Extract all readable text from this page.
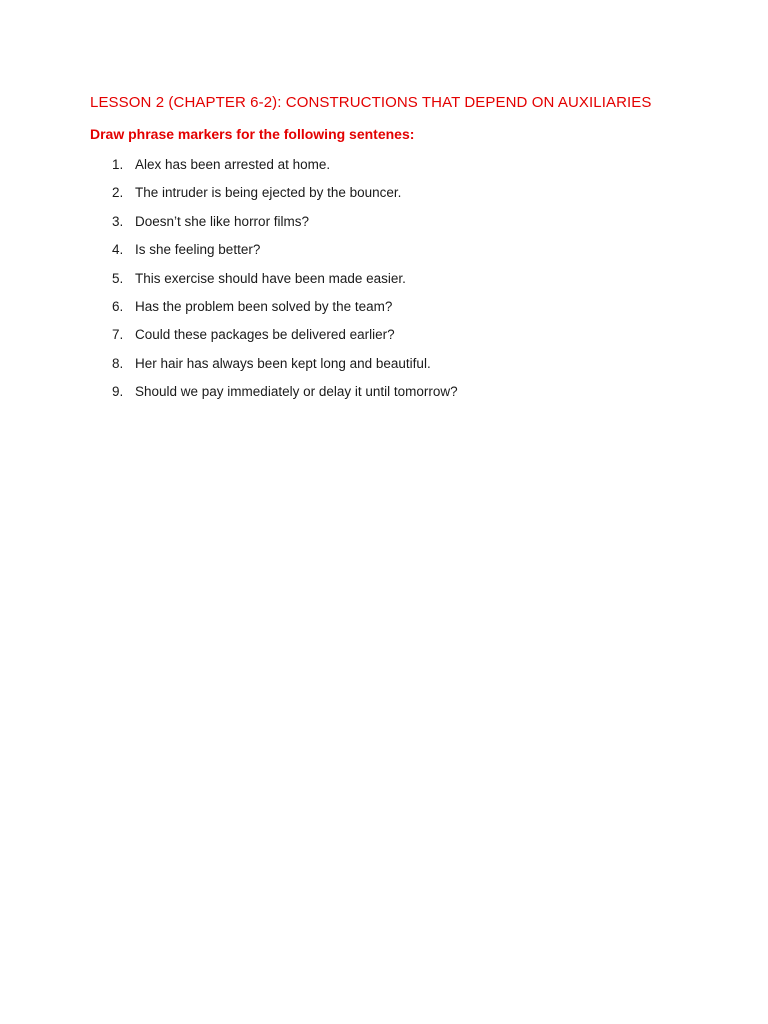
LESSON 2 (CHAPTER 6-2): CONSTRUCTIONS THAT DEPEND ON AUXILIARIES
Draw phrase markers for the following sentenes:
1. Alex has been arrested at home.
2. The intruder is being ejected by the bouncer.
3. Doesn’t she like horror films?
4. Is she feeling better?
5. This exercise should have been made easier.
6. Has the problem been solved by the team?
7. Could these packages be delivered earlier?
8. Her hair has always been kept long and beautiful.
9. Should we pay immediately or delay it until tomorrow?
